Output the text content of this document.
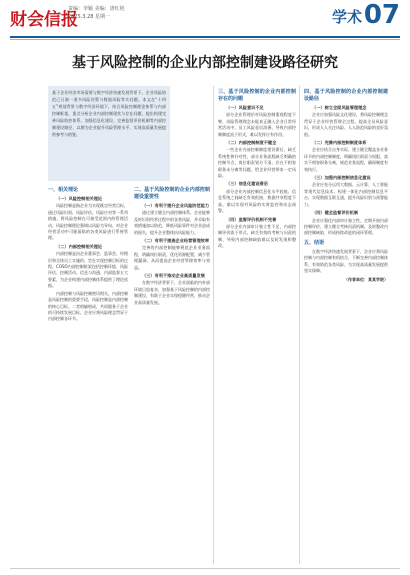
财会信报
责编：李颖 美编：唐红艳
2025.3.28 星期一	学术 07
基于风险控制的企业内部控制建设路径研究
基于企业经济市场需要与数字经济快速发展背景下，企业风险防范已日渐一道多风险决策与数据风险等关问题。本文在“十四五”规划背景与数字经济环境下，结合风险控制理论体系与内部控制框架，重点分析企业内部控制现状与存在问题，提出构建完善风险防控体系、加强信息化建设、完善监督评价机制等内部控制建设路径，以期为企业提升风险管理水平、实现高质量发展提供参考与借鉴。
一、相关理论
（一）风险控制相关理论

风险控制是指企业为实现既定经营目标，通过风险识别、风险评估、风险应对等一系列措施，将风险控制在可接受范围内的管理活动。风险控制理论强调以风险为导向，对企业经营活动中可能面临的各类风险进行系统管理。

（二）内部控制相关理论

内部控制是由企业董事会、监事会、经理层和全体员工实施的、旨在实现控制目标的过程。COSO内部控制框架包括控制环境、风险评估、控制活动、信息与沟通、内部监督五大要素，为企业构建内部控制体系提供了理论依据。

内部控制与风险控制密切相关，内部控制是风险控制的重要手段，风险控制是内部控制的核心目标。二者相辅相成，共同服务于企业的可持续发展目标。企业应将风险理念贯穿于内部控制各环节。

二、基于风险控制的企业内部控制建设重要性
（一）有利于提升企业风险防范能力

通过建立健全内部控制体系，企业能够及时识别经营过程中的各类风险，并采取有效措施加以防范，降低风险事件对企业造成的损失，提升企业整体抗风险能力。

（二）有利于提高企业经营管理效率

完善的内部控制能够规范企业业务流程，明确岗位职责，优化资源配置，减少管理漏洞，从而提高企业经营管理效率与效益。

（三）有利于推动企业高质量发展

在数字经济背景下，企业面临的内外部环境日趋复杂，加强基于风险控制的内部控制建设，有助于企业实现稳健经营，推动企业高质量发展。

三、基于风险控制的企业内部控制存在的问题
（一）风险意识不足

部分企业管理层对风险控制重视程度不够，风险管理理念未能真正融入企业日常经营活动中，员工风险意识淡薄，导致内部控制制度流于形式，难以发挥应有作用。

（二）内部控制制度不健全

一些企业内部控制制度建设滞后，缺乏系统性和针对性，部分业务流程缺乏明确的控制节点，岗位职责划分不清，存在不相容职务未分离等问题，给企业经营带来一定风险。

（三）信息化建设滞后

部分企业内部控制信息化水平较低，信息系统之间缺乏有效衔接，数据共享程度不高，难以实现对风险的实时监控和动态预警。

（四）监督评价机制不完善

部分企业内部审计独立性不足，内部控制评价流于形式，缺乏有效的考核与问责机制，导致内部控制缺陷难以及时发现和整改。

四、基于风险控制的企业内部控制建设路径
（一）树立全面风险管理理念

企业应加强风险文化建设，将风险控制理念贯穿于企业经营管理全过程，提高全员风险意识，形成人人关注风险、人人防范风险的良好氛围。

（二）完善内部控制制度体系

企业应结合自身实际，建立健全覆盖各业务环节的内部控制制度，明确岗位职责与权限，落实不相容职务分离，规范业务流程，确保制度有效执行。

（三）加强内部控制信息化建设

企业应充分运用大数据、云计算、人工智能等现代信息技术，构建一体化内部控制信息平台，实现数据互联互通，提升风险识别与预警能力。

（四）健全监督评价机制

企业应强化内部审计独立性，定期开展内部控制评价，建立健全考核问责机制，及时整改内部控制缺陷，形成持续改进的闭环管理。

五、结语

在数字经济快速发展背景下，企业应将风险控制与内部控制有机结合，不断完善内部控制体系，有效防范各类风险，为实现高质量发展提供坚实保障。

（作者单位：某某学院）
